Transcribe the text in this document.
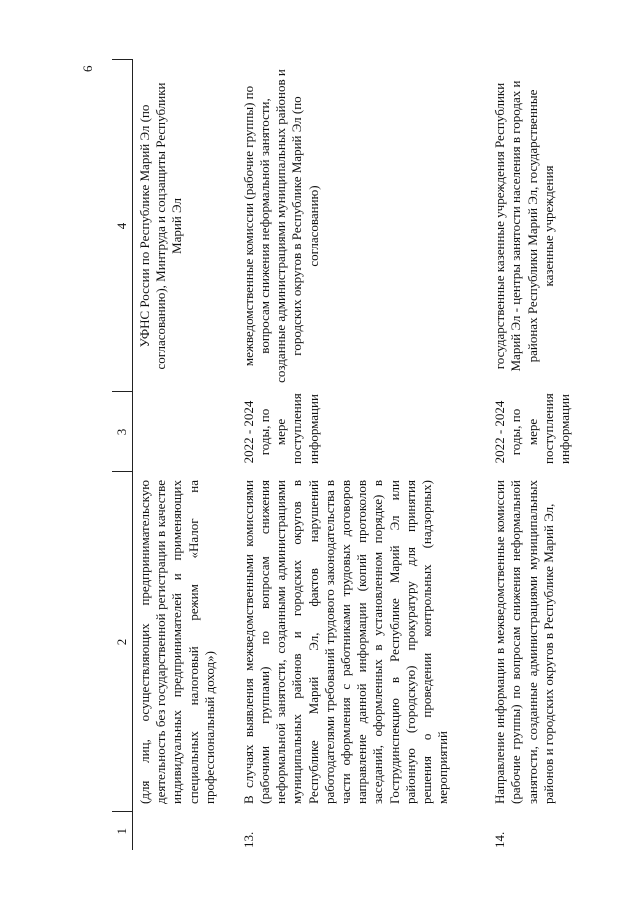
6
1	2	3	4
	(для лиц, осуществляющих предпринимательскую деятельность без государственной регистрации в качестве индивидуальных предпринимателей и применяющих специальных налоговый режим «Налог на профессиональный доход»)		УФНС России по Республике Марий Эл (по согласованию), Минтруда и соцзащиты Республики Марий Эл
13.	В случаях выявления межведомственными комиссиями (рабочими группами) по вопросам снижения неформальной занятости, созданными администрациями муниципальных районов и городских округов в Республике Марий Эл, фактов нарушений работодателями требований трудового законодательства в части оформления с работниками трудовых договоров направление данной информации (копий протоколов заседаний, оформленных в установленном порядке) в Гострудинспекцию в Республике Марий Эл или районную (городскую) прокуратуру для принятия решения о проведении контрольных (надзорных) мероприятий	2022 - 2024 годы, по мере поступления информации	межведомственные комиссии (рабочие группы) по вопросам снижения неформальной занятости, созданные администрациями муниципальных районов и городских округов в Республике Марий Эл (по согласованию)
14.	Направление информации в межведомственные комиссии (рабочие группы) по вопросам снижения неформальной занятости, созданные администрациями муниципальных районов и городских округов в Республике Марий Эл,	2022 - 2024 годы, по мере поступления информации	государственные казенные учреждения Республики Марий Эл - центры занятости населения в городах и районах Республики Марий Эл, государственные казенные учреждения
